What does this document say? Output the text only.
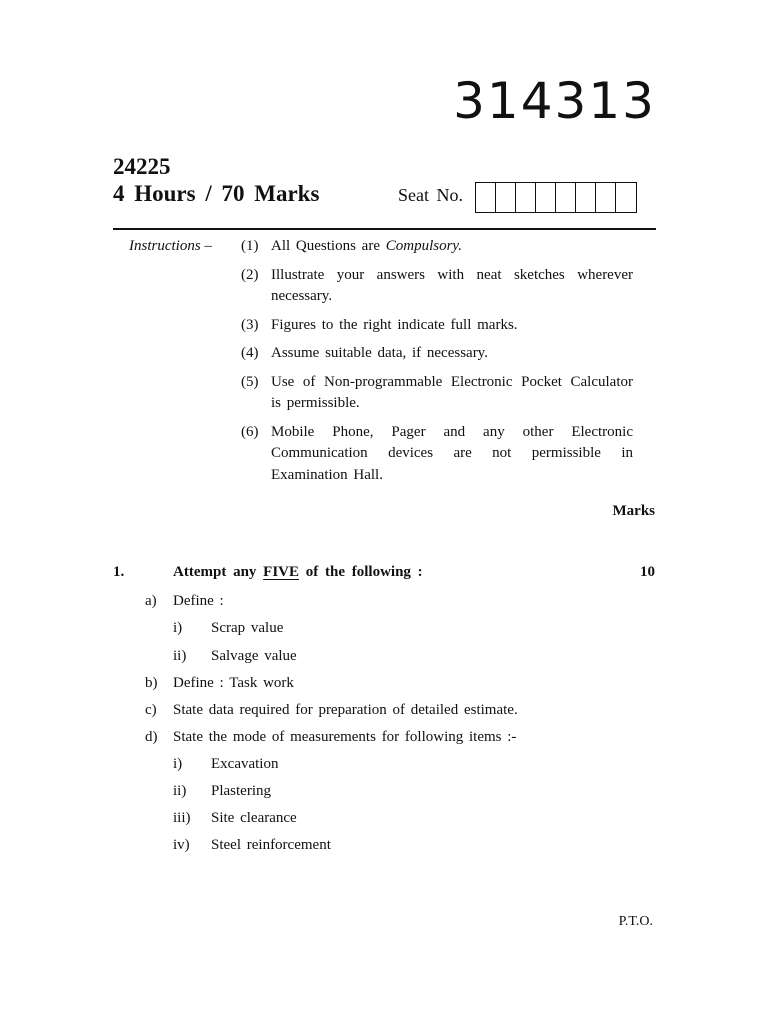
314313
24225
4 Hours / 70 Marks	Seat No.
Instructions – (1) All Questions are Compulsory.
(2) Illustrate your answers with neat sketches wherever necessary.
(3) Figures to the right indicate full marks.
(4) Assume suitable data, if necessary.
(5) Use of Non-programmable Electronic Pocket Calculator is permissible.
(6) Mobile Phone, Pager and any other Electronic Communication devices are not permissible in Examination Hall.
Marks
1.	Attempt any FIVE of the following :	10
a) Define :
i) Scrap value
ii) Salvage value
b) Define : Task work
c) State data required for preparation of detailed estimate.
d) State the mode of measurements for following items :-
i) Excavation
ii) Plastering
iii) Site clearance
iv) Steel reinforcement
P.T.O.
